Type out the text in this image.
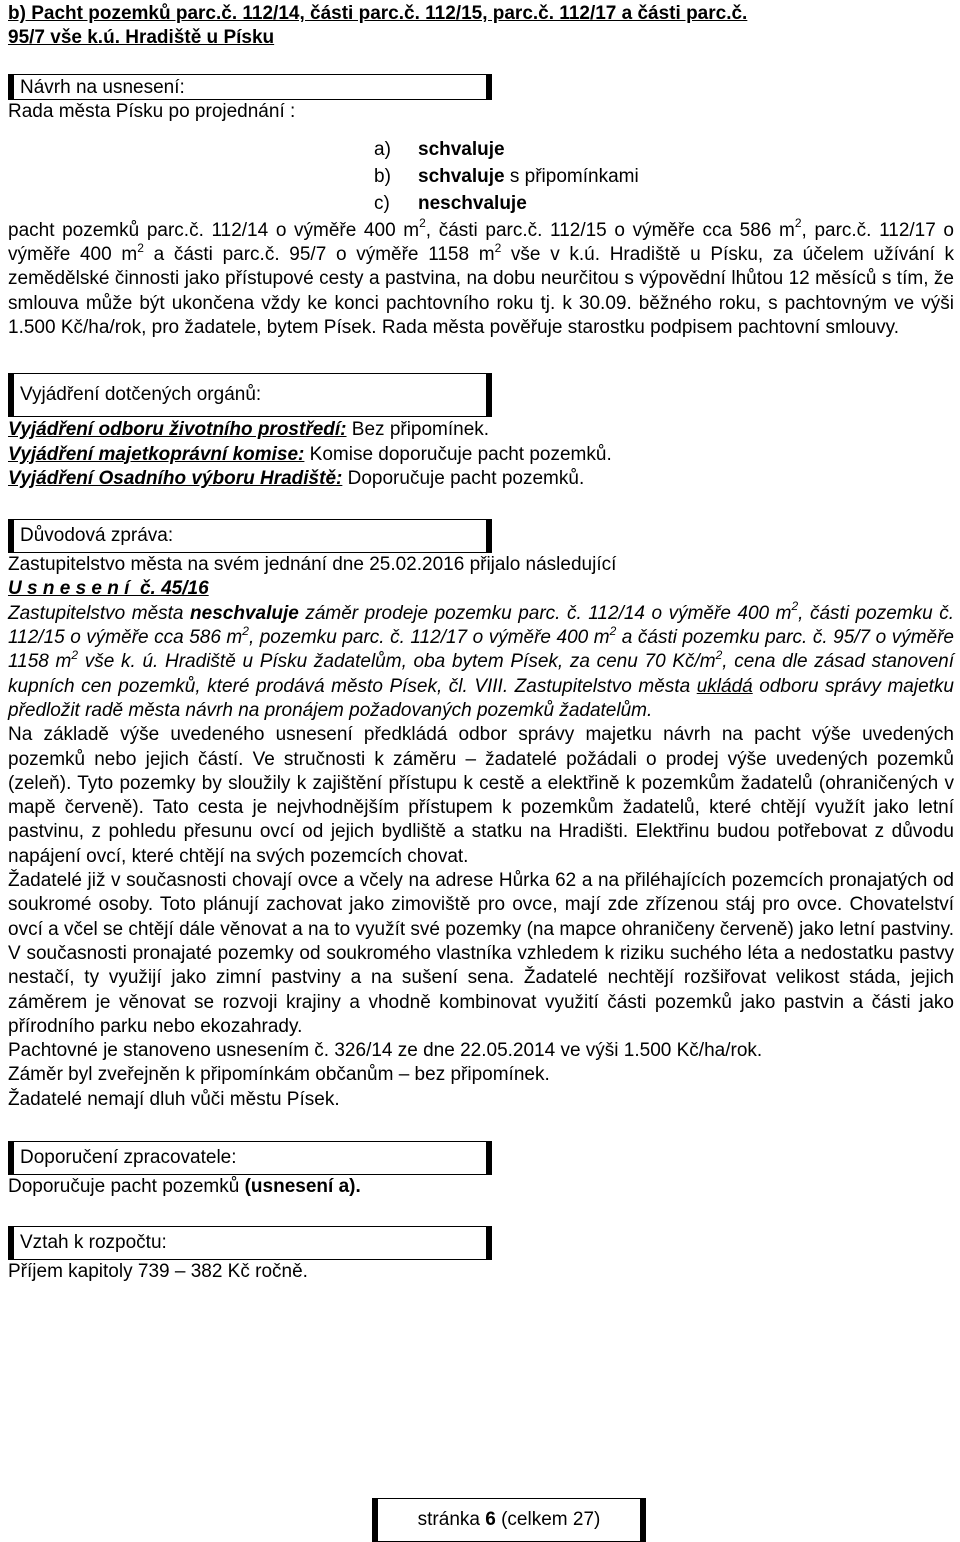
b) Pacht pozemků parc.č. 112/14, části parc.č. 112/15, parc.č. 112/17 a části parc.č.
95/7 vše k.ú. Hradiště u Písku
Návrh na usnesení:

Rada města Písku po projednání :

a)	schvaluje
b)	schvaluje s připomínkami
c)	neschvaluje

pacht pozemků parc.č. 112/14 o výměře 400 $m^2$, části parc.č. 112/15 o výměře cca 586 $m^2$, parc.č. 112/17 o výměře 400 $m^2$ a části parc.č. 95/7 o výměře 1158 $m^2$ vše v k.ú. Hradiště u Písku, za účelem užívání k zemědělské činnosti jako přístupové cesty a pastvina, na dobu neurčitou s výpovědní lhůtou 12 měsíců s tím, že smlouva může být ukončena vždy ke konci pachtovního roku tj. k 30.09. běžného roku, s pachtovným ve výši 1.500 Kč/ha/rok, pro žadatele, bytem Písek. Rada města pověřuje starostku podpisem pachtovní smlouvy.

Vyjádření dotčených orgánů:

Vyjádření odboru životního prostředí: Bez připomínek.

Vyjádření majetkoprávní komise: Komise doporučuje pacht pozemků.

Vyjádření Osadního výboru Hradiště: Doporučuje pacht pozemků.

Důvodová zpráva:

Zastupitelstvo města na svém jednání dne 25.02.2016 přijalo následující

U s n e s e n í  č. 45/16

Zastupitelstvo města neschvaluje záměr prodeje pozemku parc. č. 112/14 o výměře 400 $m^2$, části pozemku č. 112/15 o výměře cca 586 $m^2$, pozemku parc. č. 112/17 o výměře 400 $m^2$ a části pozemku parc. č. 95/7 o výměře 1158 $m^2$ vše k. ú. Hradiště u Písku žadatelům, oba bytem Písek, za cenu 70 $Kč/m^2$, cena dle zásad stanovení kupních cen pozemků, které prodává město Písek, čl. VIII. Zastupitelstvo města ukládá odboru správy majetku předložit radě města návrh na pronájem požadovaných pozemků žadatelům.

Na základě výše uvedeného usnesení předkládá odbor správy majetku návrh na pacht výše uvedených pozemků nebo jejich částí. Ve stručnosti k záměru – žadatelé požádali o prodej výše uvedených pozemků (zeleň). Tyto pozemky by sloužily k zajištění přístupu k cestě a elektřině k pozemkům žadatelů (ohraničených v mapě červeně). Tato cesta je nejvhodnějším přístupem k pozemkům žadatelů, které chtějí využít jako letní pastvinu, z pohledu přesunu ovcí od jejich bydliště a statku na Hradišti. Elektřinu budou potřebovat z důvodu napájení ovcí, které chtějí na svých pozemcích chovat.

Žadatelé již v současnosti chovají ovce a včely na adrese Hůrka 62 a na přiléhajících pozemcích pronajatých od soukromé osoby. Toto plánují zachovat jako zimoviště pro ovce, mají zde zřízenou stáj pro ovce. Chovatelství ovcí a včel se chtějí dále věnovat a na to využít své pozemky (na mapce ohraničeny červeně) jako letní pastviny. V současnosti pronajaté pozemky od soukromého vlastníka vzhledem k riziku suchého léta a nedostatku pastvy nestačí, ty využijí jako zimní pastviny a na sušení sena. Žadatelé nechtějí rozšiřovat velikost stáda, jejich záměrem je věnovat se rozvoji krajiny a vhodně kombinovat využití části pozemků jako pastvin a části jako přírodního parku nebo ekozahrady.

Pachtovné je stanoveno usnesením č. 326/14 ze dne 22.05.2014 ve výši 1.500 Kč/ha/rok.

Záměr byl zveřejněn k připomínkám občanům – bez připomínek.

Žadatelé nemají dluh vůči městu Písek.

Doporučení zpracovatele:

Doporučuje pacht pozemků (usnesení a).

Vztah k rozpočtu:

Příjem kapitoly 739 – 382 Kč ročně.

stránka 6 (celkem 27)
